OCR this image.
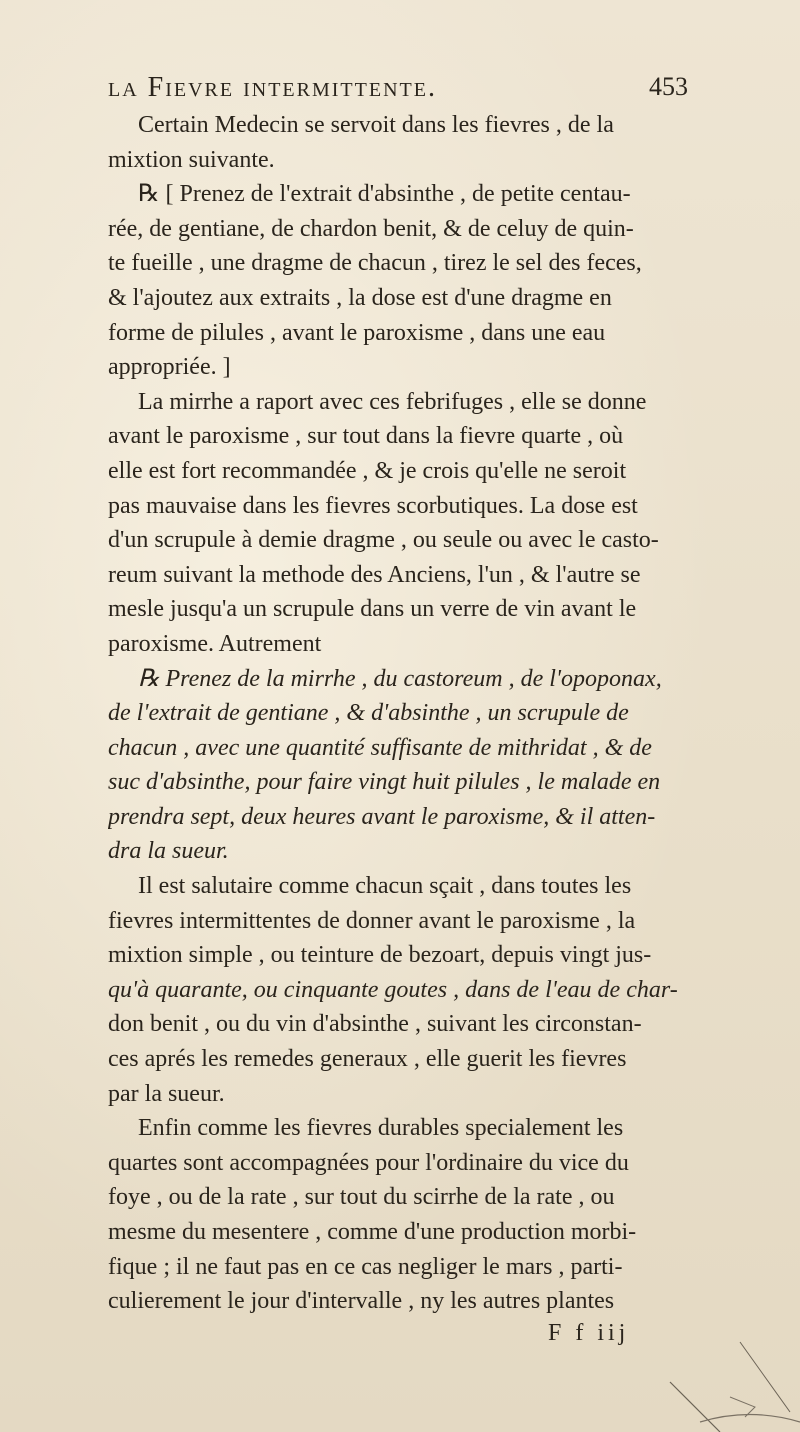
la Fievre intermittente.	453
Certain Medecin se servoit dans les fievres , de la
mixtion suivante.
℞ [ Prenez de l'extrait d'absinthe , de petite centau-
rée, de gentiane, de chardon benit, & de celuy de quin-
te fueille , une dragme de chacun , tirez le sel des feces,
& l'ajoutez aux extraits , la dose est d'une dragme en
forme de pilules , avant le paroxisme , dans une eau
appropriée. ]
La mirrhe a raport avec ces febrifuges , elle se donne
avant le paroxisme , sur tout dans la fievre quarte , où
elle est fort recommandée , & je crois qu'elle ne seroit
pas mauvaise dans les fievres scorbutiques. La dose est
d'un scrupule à demie dragme , ou seule ou avec le casto-
reum suivant la methode des Anciens, l'un , & l'autre se
mesle jusqu'a un scrupule dans un verre de vin avant le
paroxisme. Autrement
℞ Prenez de la mirrhe , du castoreum , de l'opoponax,
de l'extrait de gentiane , & d'absinthe , un scrupule de
chacun , avec une quantité suffisante de mithridat , & de
suc d'absinthe, pour faire vingt huit pilules , le malade en
prendra sept, deux heures avant le paroxisme, & il atten-
dra la sueur.
Il est salutaire comme chacun sçait , dans toutes les
fievres intermittentes de donner avant le paroxisme , la
mixtion simple , ou teinture de bezoart, depuis vingt jus-
qu'à quarante, ou cinquante goutes , dans de l'eau de char-
don benit , ou du vin d'absinthe , suivant les circonstan-
ces aprés les remedes generaux , elle guerit les fievres
par la sueur.
Enfin comme les fievres durables specialement les
quartes sont accompagnées pour l'ordinaire du vice du
foye , ou de la rate , sur tout du scirrhe de la rate , ou
mesme du mesentere , comme d'une production morbi-
fique ; il ne faut pas en ce cas negliger le mars , parti-
culierement le jour d'intervalle , ny les autres plantes
F f iij
